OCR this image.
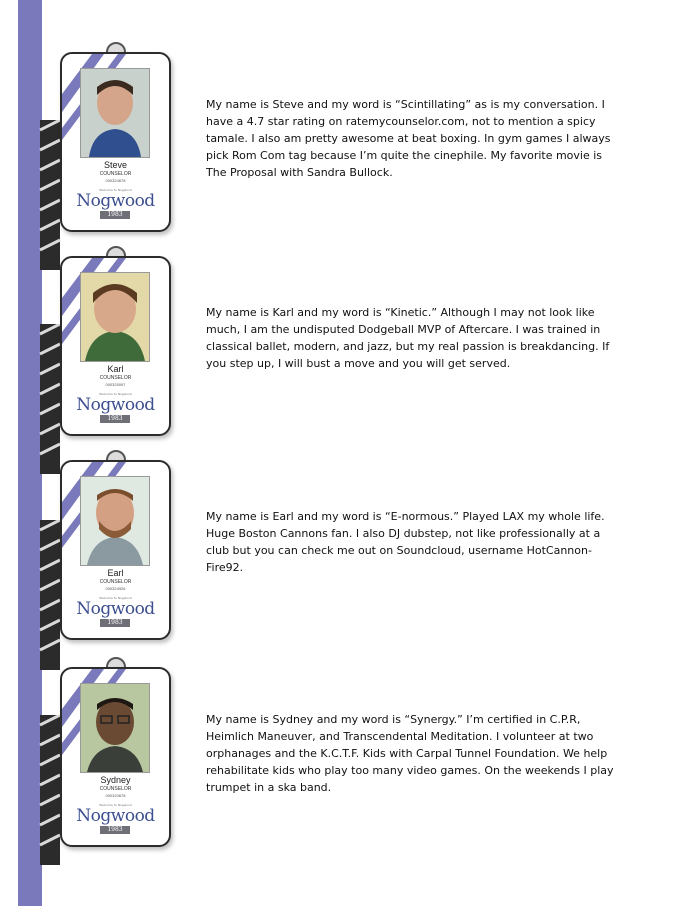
Steve
COUNSELOR
000324678
Welcome to Nogwood
Nogwood
1983

My name is Steve and my word is “Scintillating” as is my conversation. I have a 4.7 star rating on ratemycounselor.com, not to mention a spicy tamale. I also am pretty awesome at beat boxing. In gym games I always pick Rom Com tag because I’m quite the cinephile. My favorite movie is The Proposal with Sandra Bullock.

Karl
COUNSELOR
000325097
Welcome to Nogwood
Nogwood
1983

My name is Karl and my word is “Kinetic.” Although I may not look like much, I am the undisputed Dodgeball MVP of Aftercare. I was trained in classical ballet, modern, and jazz, but my real passion is breakdancing. If you step up, I will bust a move and you will get served.

Earl
COUNSELOR
000324926
Welcome to Nogwood
Nogwood
1983

My name is Earl and my word is “E-normous.” Played LAX my whole life. Huge Boston Cannons fan. I also DJ dubstep, not like professionally at a club but you can check me out on Soundcloud, username HotCannon-Fire92.

Sydney
COUNSELOR
000320678
Welcome to Nogwood
Nogwood
1983

My name is Sydney and my word is “Synergy.” I’m certified in C.P.R, Heimlich Maneuver, and Transcendental Meditation. I volunteer at two orphanages and the K.C.T.F. Kids with Carpal Tunnel Foundation. We help rehabilitate kids who play too many video games. On the weekends I play trumpet in a ska band.
